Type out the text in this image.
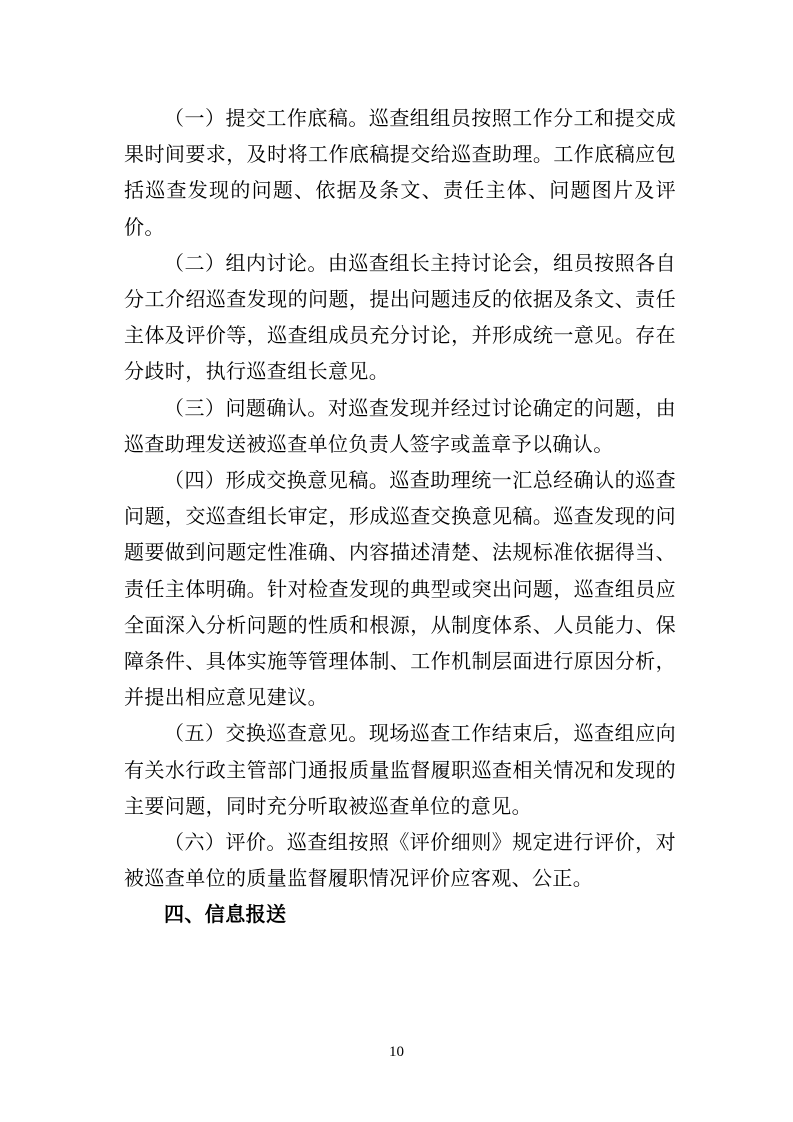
（一）提交工作底稿。巡查组组员按照工作分工和提交成果时间要求，及时将工作底稿提交给巡查助理。工作底稿应包括巡查发现的问题、依据及条文、责任主体、问题图片及评价。

（二）组内讨论。由巡查组长主持讨论会，组员按照各自分工介绍巡查发现的问题，提出问题违反的依据及条文、责任主体及评价等，巡查组成员充分讨论，并形成统一意见。存在分歧时，执行巡查组长意见。

（三）问题确认。对巡查发现并经过讨论确定的问题，由巡查助理发送被巡查单位负责人签字或盖章予以确认。

（四）形成交换意见稿。巡查助理统一汇总经确认的巡查问题，交巡查组长审定，形成巡查交换意见稿。巡查发现的问题要做到问题定性准确、内容描述清楚、法规标准依据得当、责任主体明确。针对检查发现的典型或突出问题，巡查组员应全面深入分析问题的性质和根源，从制度体系、人员能力、保障条件、具体实施等管理体制、工作机制层面进行原因分析，并提出相应意见建议。

（五）交换巡查意见。现场巡查工作结束后，巡查组应向有关水行政主管部门通报质量监督履职巡查相关情况和发现的主要问题，同时充分听取被巡查单位的意见。

（六）评价。巡查组按照《评价细则》规定进行评价，对被巡查单位的质量监督履职情况评价应客观、公正。

四、信息报送

10
